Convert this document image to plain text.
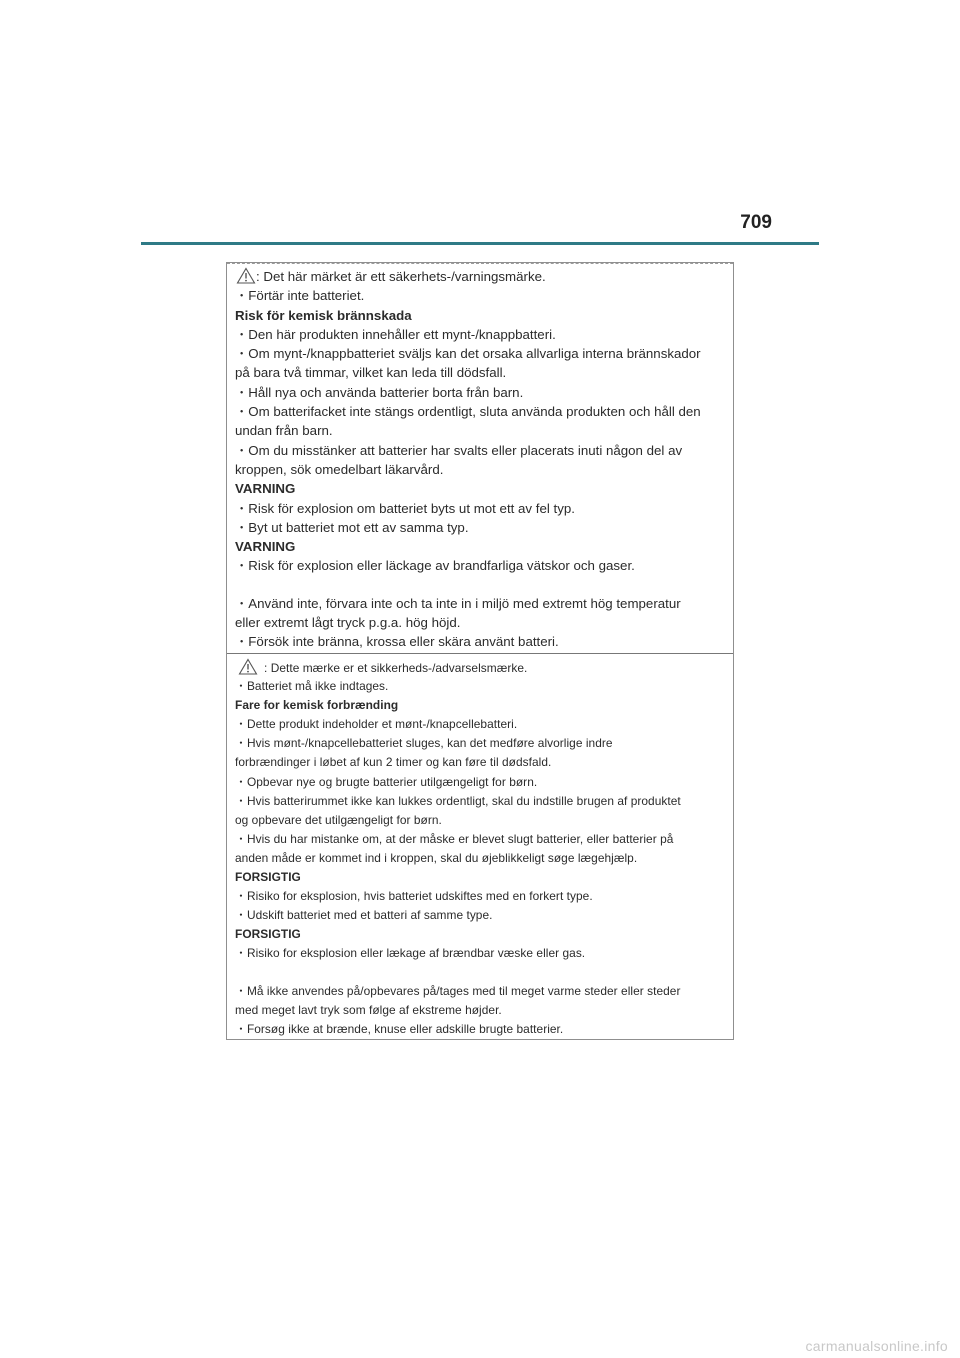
709

: Det här märket är ett säkerhets-/varningsmärke.

・Förtär inte batteriet.

Risk för kemisk brännskada

・Den här produkten innehåller ett mynt-/knappbatteri.

・Om mynt-/knappbatteriet sväljs kan det orsaka allvarliga interna brännskador

på bara två timmar, vilket kan leda till dödsfall.

・Håll nya och använda batterier borta från barn.

・Om batterifacket inte stängs ordentligt, sluta använda produkten och håll den

undan från barn.

・Om du misstänker att batterier har svalts eller placerats inuti någon del av

kroppen, sök omedelbart läkarvård.

VARNING

・Risk för explosion om batteriet byts ut mot ett av fel typ.

・Byt ut batteriet mot ett av samma typ.

VARNING

・Risk för explosion eller läckage av brandfarliga vätskor och gaser.

・Använd inte, förvara inte och ta inte in i miljö med extremt hög temperatur

eller extremt lågt tryck p.g.a. hög höjd.

・Försök inte bränna, krossa eller skära använt batteri.

: Dette mærke er et sikkerheds-/advarselsmærke.

・Batteriet må ikke indtages.

Fare for kemisk forbrænding

・Dette produkt indeholder et mønt-/knapcellebatteri.

・Hvis mønt-/knapcellebatteriet sluges, kan det medføre alvorlige indre

forbrændinger i løbet af kun 2 timer og kan føre til dødsfald.

・Opbevar nye og brugte batterier utilgængeligt for børn.

・Hvis batterirummet ikke kan lukkes ordentligt, skal du indstille brugen af produktet

og opbevare det utilgængeligt for børn.

・Hvis du har mistanke om, at der måske er blevet slugt batterier, eller batterier på

anden måde er kommet ind i kroppen, skal du øjeblikkeligt søge lægehjælp.

FORSIGTIG

・Risiko for eksplosion, hvis batteriet udskiftes med en forkert type.

・Udskift batteriet med et batteri af samme type.

FORSIGTIG

・Risiko for eksplosion eller lækage af brændbar væske eller gas.

・Må ikke anvendes på/opbevares på/tages med til meget varme steder eller steder

med meget lavt tryk som følge af ekstreme højder.

・Forsøg ikke at brænde, knuse eller adskille brugte batterier.

carmanualsonline.info
